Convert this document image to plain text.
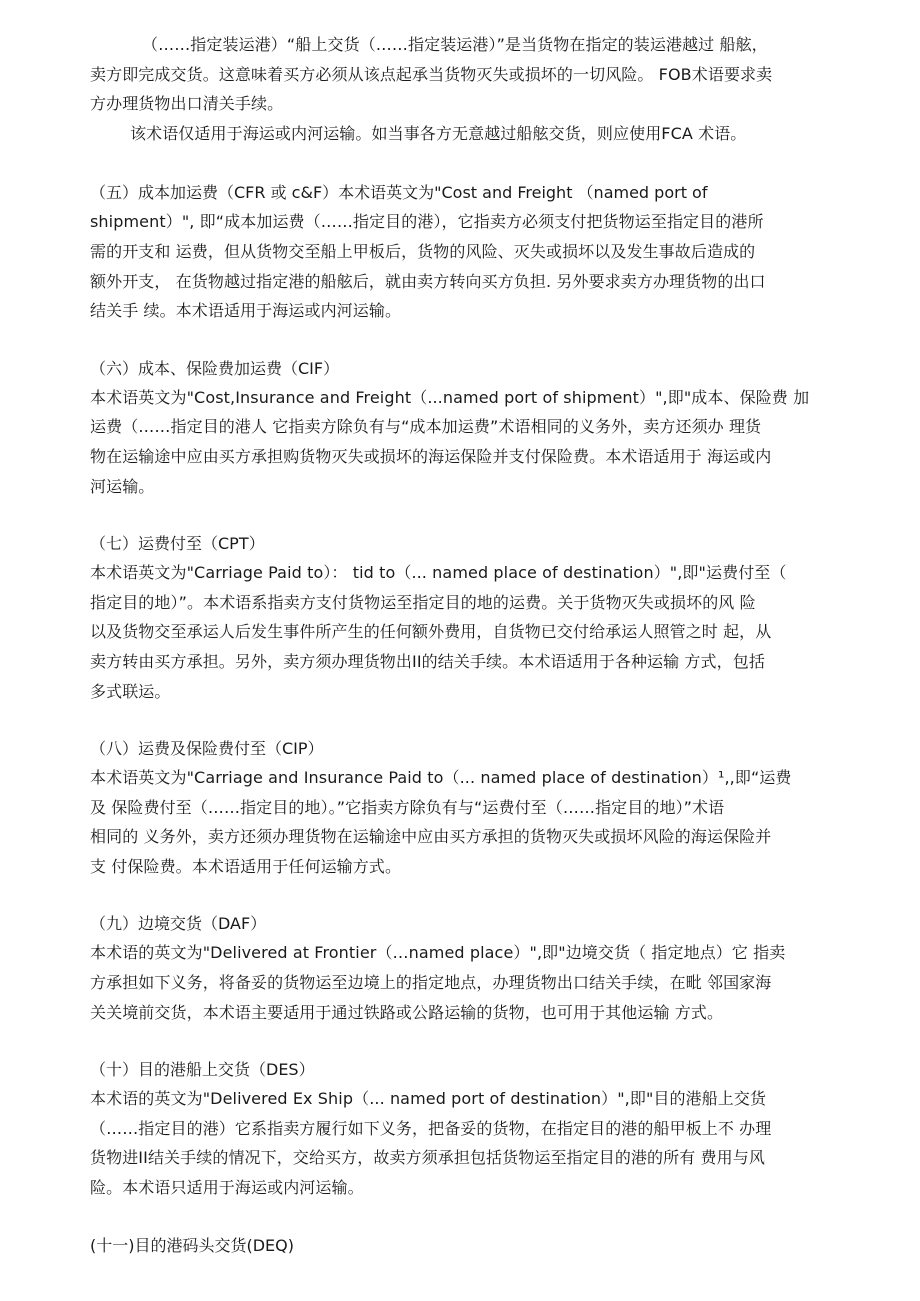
（……指定装运港）“船上交货（……指定装运港）”是当货物在指定的装运港越过 船舷，

卖方即完成交货。这意味着买方必须从该点起承当货物灭失或损坏的一切风险。 FOB术语要求卖

方办理货物出口清关手续。

该术语仅适用于海运或内河运输。如当事各方无意越过船舷交货，则应使用FCA 术语。

（五）成本加运费（CFR 或 c&F）本术语英文为"Cost and Freight （named port of

shipment）", 即“成本加运费（……指定目的港），它指卖方必须支付把货物运至指定目的港所

需的开支和 运费，但从货物交至船上甲板后，货物的风险、灭失或损坏以及发生事故后造成的

额外开支， 在货物越过指定港的船舷后，就由卖方转向买方负担. 另外要求卖方办理货物的出口

结关手 续。本术语适用于海运或内河运输。

（六）成本、保险费加运费（CIF）

本术语英文为"Cost,Insurance and Freight（...named port of shipment）",即"成本、保险费 加

运费（……指定目的港人 它指卖方除负有与“成本加运费”术语相同的义务外，卖方还须办 理货

物在运输途中应由买方承担购货物灭失或损坏的海运保险并支付保险费。本术语适用于 海运或内

河运输。

（七）运费付至（CPT）

本术语英文为"Carriage Paid to）： tid to（... named place of destination）",即"运费付至（

指定目的地）”。本术语系指卖方支付货物运至指定目的地的运费。关于货物灭失或损坏的风 险

以及货物交至承运人后发生事件所产生的任何额外费用，自货物已交付给承运人照管之时 起，从

卖方转由买方承担。另外，卖方须办理货物出II的结关手续。本术语适用于各种运输 方式，包括

多式联运。

（八）运费及保险费付至（CIP）

本术语英文为"Carriage and Insurance Paid to（... named place of destination）¹,,即“运费

及 保险费付至（……指定目的地）。”它指卖方除负有与“运费付至（……指定目的地）”术语

相同的 义务外，卖方还须办理货物在运输途中应由买方承担的货物灭失或损坏风险的海运保险并

支 付保险费。本术语适用于任何运输方式。

（九）边境交货（DAF）

本术语的英文为"Delivered at Frontier（…named place）",即"边境交货（ 指定地点）它 指卖

方承担如下义务，将备妥的货物运至边境上的指定地点，办理货物出口结关手续，在毗 邻国家海

关关境前交货，本术语主要适用于通过铁路或公路运输的货物，也可用于其他运输 方式。

（十）目的港船上交货（DES）

本术语的英文为"Delivered Ex Ship（... named port of destination）",即"目的港船上交货

（……指定目的港）它系指卖方履行如下义务，把备妥的货物，在指定目的港的船甲板上不 办理

货物进II结关手续的情况下，交给买方，故卖方须承担包括货物运至指定目的港的所有 费用与风

险。本术语只适用于海运或内河运输。

(十一)目的港码头交货(DEQ)
